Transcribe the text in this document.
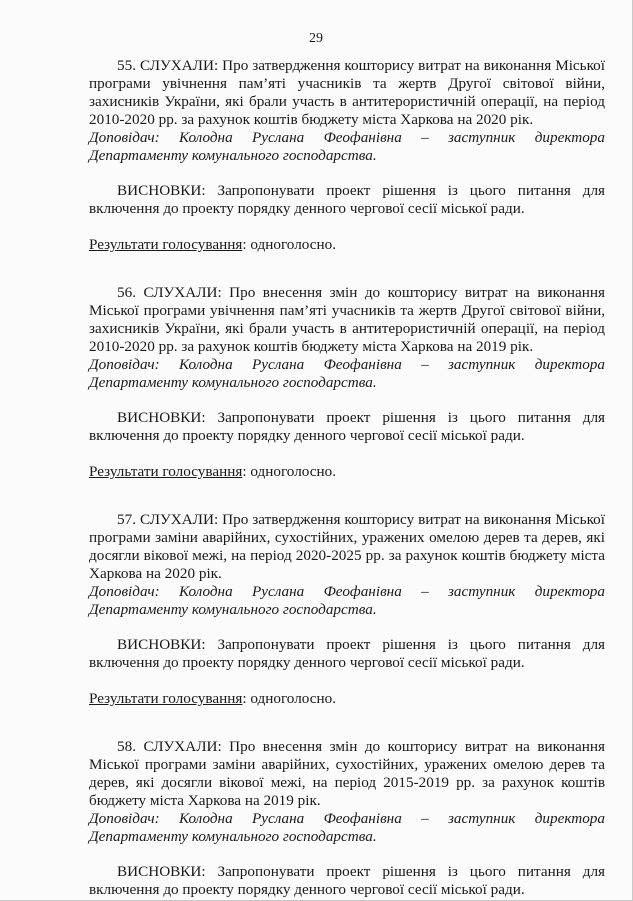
29

55. СЛУХАЛИ: Про затвердження кошторису витрат на виконання Міської програми увічнення пам’яті учасників та жертв Другої світової війни, захисників України, які брали участь в антитерористичній операції, на період 2010-2020 рр. за рахунок коштів бюджету міста Харкова на 2020 рік.

Доповідач: Колодна Руслана Феофанівна – заступник директора Департаменту комунального господарства.

ВИСНОВКИ: Запропонувати проект рішення із цього питання для включення до проекту порядку денного чергової сесії міської ради.

Результати голосування: одноголосно.

56. СЛУХАЛИ: Про внесення змін до кошторису витрат на виконання Міської програми увічнення пам’яті учасників та жертв Другої світової війни, захисників України, які брали участь в антитерористичній операції, на період 2010-2020 рр. за рахунок коштів бюджету міста Харкова на 2019 рік.

Доповідач: Колодна Руслана Феофанівна – заступник директора Департаменту комунального господарства.

ВИСНОВКИ: Запропонувати проект рішення із цього питання для включення до проекту порядку денного чергової сесії міської ради.

Результати голосування: одноголосно.

57. СЛУХАЛИ: Про затвердження кошторису витрат на виконання Міської програми заміни аварійних, сухостійних, уражених омелою дерев та дерев, які досягли вікової межі, на період 2020-2025 рр. за рахунок коштів бюджету міста Харкова на 2020 рік.

Доповідач: Колодна Руслана Феофанівна – заступник директора Департаменту комунального господарства.

ВИСНОВКИ: Запропонувати проект рішення із цього питання для включення до проекту порядку денного чергової сесії міської ради.

Результати голосування: одноголосно.

58. СЛУХАЛИ: Про внесення змін до кошторису витрат на виконання Міської програми заміни аварійних, сухостійних, уражених омелою дерев та дерев, які досягли вікової межі, на період 2015-2019 рр. за рахунок коштів бюджету міста Харкова на 2019 рік.

Доповідач: Колодна Руслана Феофанівна – заступник директора Департаменту комунального господарства.

ВИСНОВКИ: Запропонувати проект рішення із цього питання для включення до проекту порядку денного чергової сесії міської ради.
